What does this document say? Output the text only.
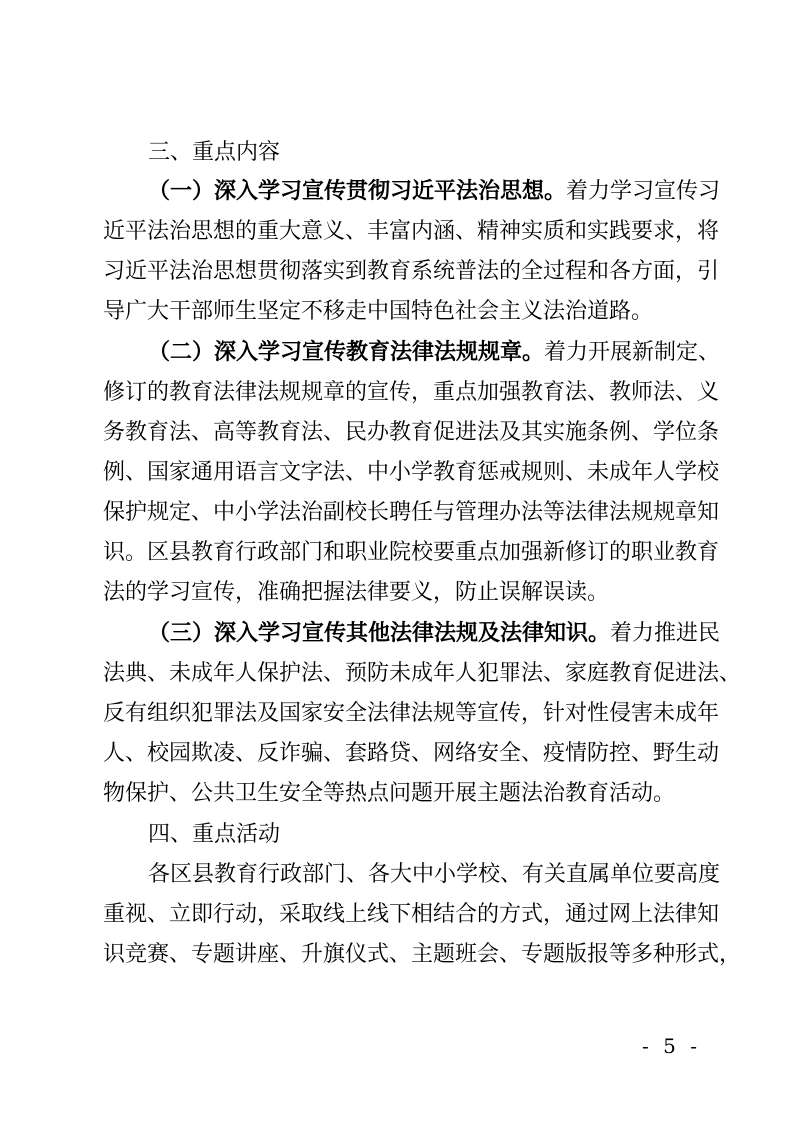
三、重点内容
（一）深入学习宣传贯彻习近平法治思想。着力学习宣传习
近平法治思想的重大意义、丰富内涵、精神实质和实践要求，将
习近平法治思想贯彻落实到教育系统普法的全过程和各方面，引
导广大干部师生坚定不移走中国特色社会主义法治道路。
（二）深入学习宣传教育法律法规规章。着力开展新制定、
修订的教育法律法规规章的宣传，重点加强教育法、教师法、义
务教育法、高等教育法、民办教育促进法及其实施条例、学位条
例、国家通用语言文字法、中小学教育惩戒规则、未成年人学校
保护规定、中小学法治副校长聘任与管理办法等法律法规规章知
识。区县教育行政部门和职业院校要重点加强新修订的职业教育
法的学习宣传，准确把握法律要义，防止误解误读。
（三）深入学习宣传其他法律法规及法律知识。着力推进民
法典、未成年人保护法、预防未成年人犯罪法、家庭教育促进法、
反有组织犯罪法及国家安全法律法规等宣传，针对性侵害未成年
人、校园欺凌、反诈骗、套路贷、网络安全、疫情防控、野生动
物保护、公共卫生安全等热点问题开展主题法治教育活动。
四、重点活动
各区县教育行政部门、各大中小学校、有关直属单位要高度
重视、立即行动，采取线上线下相结合的方式，通过网上法律知
识竞赛、专题讲座、升旗仪式、主题班会、专题版报等多种形式，
- 5 -
